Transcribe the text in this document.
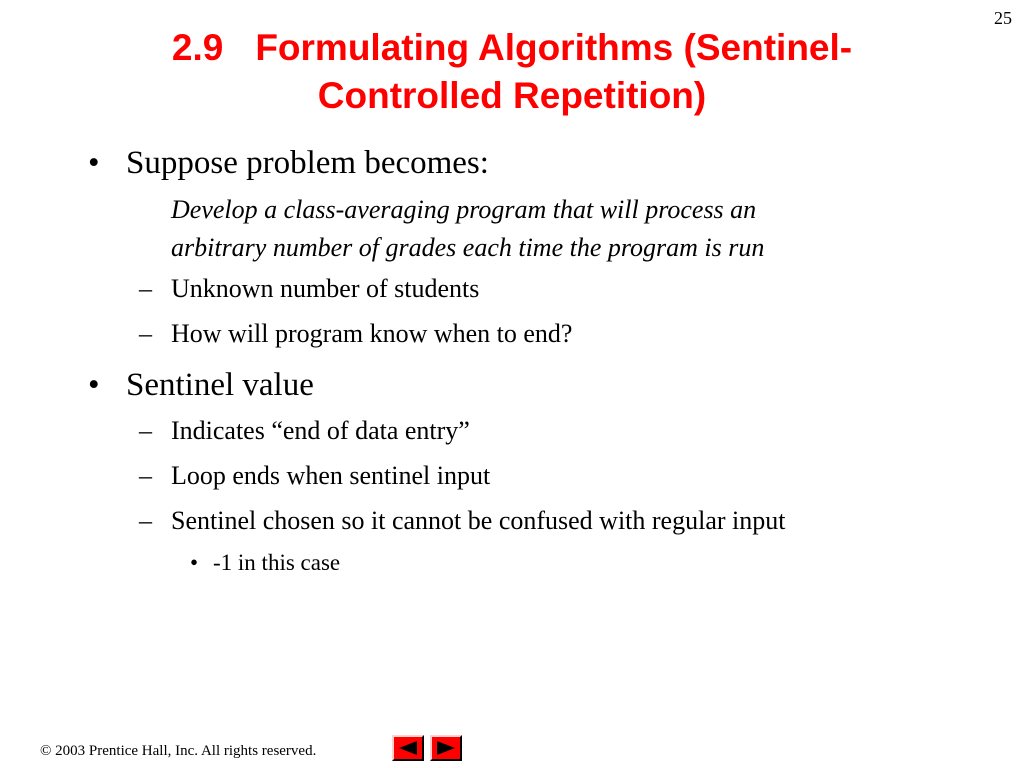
25
2.9 Formulating Algorithms (Sentinel-
Controlled Repetition)
• Suppose problem becomes:
Develop a class-averaging program that will process an
arbitrary number of grades each time the program is run
– Unknown number of students
– How will program know when to end?
• Sentinel value
– Indicates “end of data entry”
– Loop ends when sentinel input
– Sentinel chosen so it cannot be confused with regular input
• -1 in this case
© 2003 Prentice Hall, Inc. All rights reserved.
